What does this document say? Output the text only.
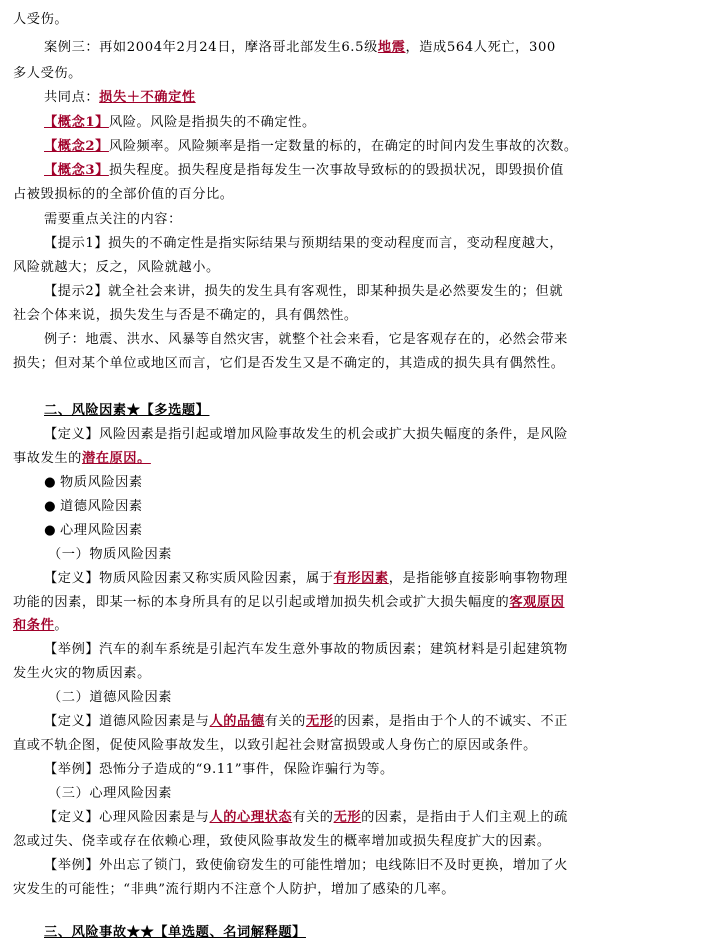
人受伤。
案例三：再如2004年2月24日，摩洛哥北部发生6.5级地震，造成564人死亡，300
多人受伤。
共同点：损失＋不确定性
【概念1】风险。风险是指损失的不确定性。
【概念2】风险频率。风险频率是指一定数量的标的，在确定的时间内发生事故的次数。
【概念3】损失程度。损失程度是指每发生一次事故导致标的的毁损状况，即毁损价值
占被毁损标的的全部价值的百分比。
需要重点关注的内容：
【提示1】损失的不确定性是指实际结果与预期结果的变动程度而言，变动程度越大，
风险就越大；反之，风险就越小。
【提示2】就全社会来讲，损失的发生具有客观性，即某种损失是必然要发生的；但就
社会个体来说，损失发生与否是不确定的，具有偶然性。
例子：地震、洪水、风暴等自然灾害，就整个社会来看，它是客观存在的，必然会带来
损失；但对某个单位或地区而言，它们是否发生又是不确定的，其造成的损失具有偶然性。
二、风险因素★【多选题】
【定义】风险因素是指引起或增加风险事故发生的机会或扩大损失幅度的条件，是风险
事故发生的潜在原因。
● 物质风险因素
● 道德风险因素
● 心理风险因素
（一）物质风险因素
【定义】物质风险因素又称实质风险因素，属于有形因素，是指能够直接影响事物物理
功能的因素，即某一标的本身所具有的足以引起或增加损失机会或扩大损失幅度的客观原因
和条件。
【举例】汽车的刹车系统是引起汽车发生意外事故的物质因素；建筑材料是引起建筑物
发生火灾的物质因素。
（二）道德风险因素
【定义】道德风险因素是与人的品德有关的无形的因素，是指由于个人的不诚实、不正
直或不轨企图，促使风险事故发生，以致引起社会财富损毁或人身伤亡的原因或条件。
【举例】恐怖分子造成的“9.11”事件，保险诈骗行为等。
（三）心理风险因素
【定义】心理风险因素是与人的心理状态有关的无形的因素，是指由于人们主观上的疏
忽或过失、侥幸或存在依赖心理，致使风险事故发生的概率增加或损失程度扩大的因素。
【举例】外出忘了锁门，致使偷窃发生的可能性增加；电线陈旧不及时更换，增加了火
灾发生的可能性；“非典”流行期内不注意个人防护，增加了感染的几率。
三、风险事故★★【单选题、名词解释题】
